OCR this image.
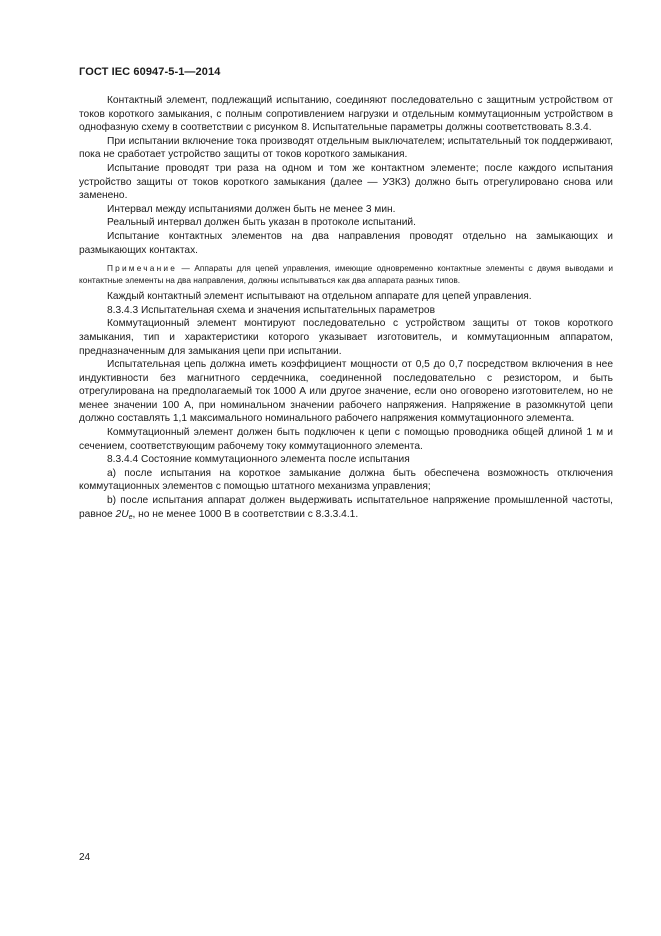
ГОСТ IEC 60947-5-1—2014

Контактный элемент, подлежащий испытанию, соединяют последовательно с защитным устройством от токов короткого замыкания, с полным сопротивлением нагрузки и отдельным коммутационным устройством в однофазную схему в соответствии с рисунком 8. Испытательные параметры должны соответствовать 8.3.4.

При испытании включение тока производят отдельным выключателем; испытательный ток поддерживают, пока не сработает устройство защиты от токов короткого замыкания.

Испытание проводят три раза на одном и том же контактном элементе; после каждого испытания устройство защиты от токов короткого замыкания (далее — УЗКЗ) должно быть отрегулировано снова или заменено.

Интервал между испытаниями должен быть не менее 3 мин.

Реальный интервал должен быть указан в протоколе испытаний.

Испытание контактных элементов на два направления проводят отдельно на замыкающих и размыкающих контактах.

Примечание — Аппараты для цепей управления, имеющие одновременно контактные элементы с двумя выводами и контактные элементы на два направления, должны испытываться как два аппарата разных типов.

Каждый контактный элемент испытывают на отдельном аппарате для цепей управления.

8.3.4.3 Испытательная схема и значения испытательных параметров

Коммутационный элемент монтируют последовательно с устройством защиты от токов короткого замыкания, тип и характеристики которого указывает изготовитель, и коммутационным аппаратом, предназначенным для замыкания цепи при испытании.

Испытательная цепь должна иметь коэффициент мощности от 0,5 до 0,7 посредством включения в нее индуктивности без магнитного сердечника, соединенной последовательно с резистором, и быть отрегулирована на предполагаемый ток 1000 А или другое значение, если оно оговорено изготовителем, но не менее значении 100 А, при номинальном значении рабочего напряжения. Напряжение в разомкнутой цепи должно составлять 1,1 максимального номинального рабочего напряжения коммутационного элемента.

Коммутационный элемент должен быть подключен к цепи с помощью проводника общей длиной 1 м и сечением, соответствующим рабочему току коммутационного элемента.

8.3.4.4 Состояние коммутационного элемента после испытания

a) после испытания на короткое замыкание должна быть обеспечена возможность отключения коммутационных элементов с помощью штатного механизма управления;

b) после испытания аппарат должен выдерживать испытательное напряжение промышленной частоты, равное $2U_e$, но не менее 1000 В в соответствии с 8.3.3.4.1.

24
